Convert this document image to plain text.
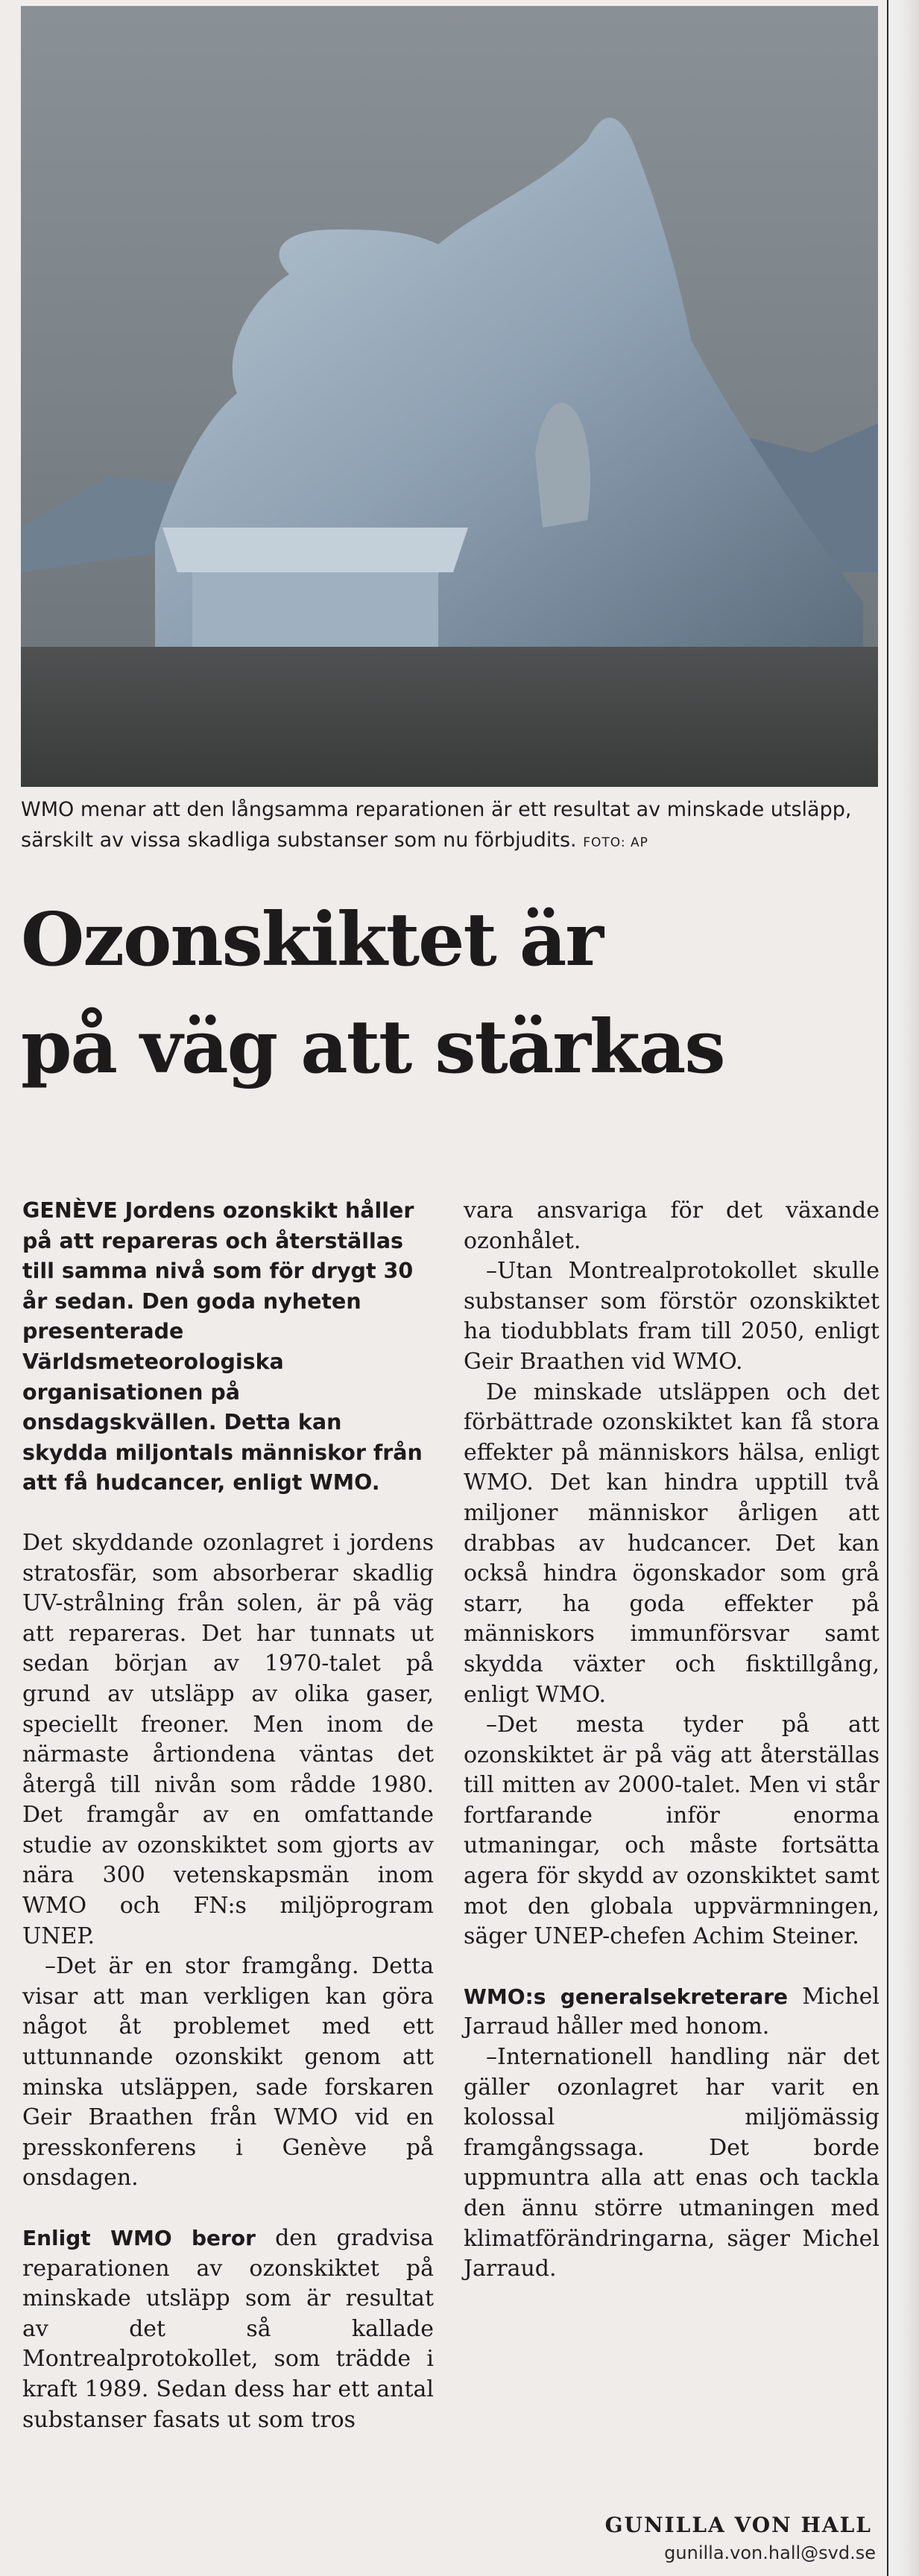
WMO menar att den långsamma reparationen är ett resultat av minskade utsläpp, särskilt av vissa skadliga substanser som nu förbjudits. FOTO: AP
Ozonskiktet är
på väg att stärkas

GENÈVE Jordens ozonskikt håller på att repareras och återställas till samma nivå som för drygt 30 år sedan. Den goda nyheten presenterade Världsmeteorologiska organisationen på onsdagskvällen. Detta kan skydda miljontals människor från att få hudcancer, enligt WMO.

Det skyddande ozonlagret i jordens stratosfär, som absorberar skadlig UV-strålning från solen, är på väg att repareras. Det har tunnats ut sedan början av 1970-talet på grund av utsläpp av olika gaser, speciellt freoner. Men inom de närmaste årtiondena väntas det återgå till nivån som rådde 1980. Det framgår av en omfattande studie av ozonskiktet som gjorts av nära 300 vetenskapsmän inom WMO och FN:s miljöprogram UNEP.

–Det är en stor framgång. Detta visar att man verkligen kan göra något åt problemet med ett uttunnande ozonskikt genom att minska utsläppen, sade forskaren Geir Braathen från WMO vid en presskonferens i Genève på onsdagen.

Enligt WMO beror den gradvisa reparationen av ozonskiktet på minskade utsläpp som är resultat av det så kallade Montrealprotokollet, som trädde i kraft 1989. Sedan dess har ett antal substanser fasats ut som tros

vara ansvariga för det växande ozonhålet.

–Utan Montrealprotokollet skulle substanser som förstör ozonskiktet ha tiodubblats fram till 2050, enligt Geir Braathen vid WMO.

De minskade utsläppen och det förbättrade ozonskiktet kan få stora effekter på människors hälsa, enligt WMO. Det kan hindra upptill två miljoner människor årligen att drabbas av hudcancer. Det kan också hindra ögonskador som grå starr, ha goda effekter på människors immunförsvar samt skydda växter och fisktillgång, enligt WMO.

–Det mesta tyder på att ozonskiktet är på väg att återställas till mitten av 2000-talet. Men vi står fortfarande inför enorma utmaningar, och måste fortsätta agera för skydd av ozonskiktet samt mot den globala uppvärmningen, säger UNEP-chefen Achim Steiner.

WMO:s generalsekreterare Michel Jarraud håller med honom.

–Internationell handling när det gäller ozonlagret har varit en kolossal miljömässig framgångssaga. Det borde uppmuntra alla att enas och tackla den ännu större utmaningen med klimatförändringarna, säger Michel Jarraud.

GUNILLA VON HALL
gunilla.von.hall@svd.se
